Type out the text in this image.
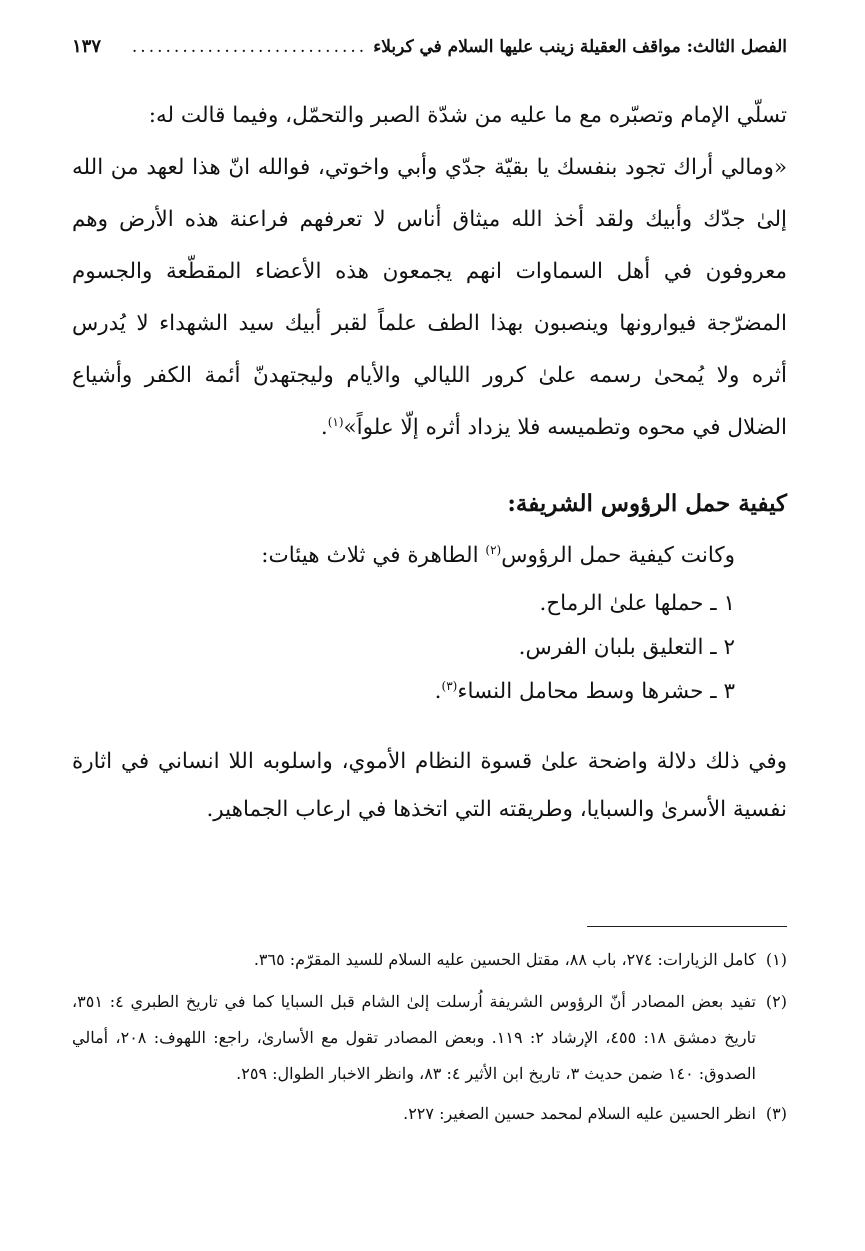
الفصل الثالث: مواقف العقيلة زينب عليها السلام في كربلاء
............................
١٣٧
تسلّي الإمام وتصبّره مع ما عليه من شدّة الصبر والتحمّل، وفيما قالت له:
«ومالي أراك تجود بنفسك يا بقيّة جدّي وأبي واخوتي، فوالله انّ هذا لعهد من الله إلىٰ جدّك وأبيك ولقد أخذ الله ميثاق أناس لا تعرفهم فراعنة هذه الأرض وهم معروفون في أهل السماوات انهم يجمعون هذه الأعضاء المقطّعة والجسوم المضرّجة فيوارونها وينصبون بهذا الطف علماً لقبر أبيك سيد الشهداء لا يُدرس أثره ولا يُمحىٰ رسمه علىٰ كرور الليالي والأيام وليجتهدنّ أئمة الكفر وأشياع الضلال في محوه وتطميسه فلا يزداد أثره إلّا علواً»$^{(١)}$.
كيفية حمل الرؤوس الشريفة:
وكانت كيفية حمل الرؤوس$^{(٢)}$ الطاهرة في ثلاث هيئات:
١ ـ حملها علىٰ الرماح.
٢ ـ التعليق بلبان الفرس.
٣ ـ حشرها وسط محامل النساء$^{(٣)}$.
وفي ذلك دلالة واضحة علىٰ قسوة النظام الأموي، واسلوبه اللا انساني في اثارة نفسية الأسرىٰ والسبايا، وطريقته التي اتخذها في ارعاب الجماهير.
(١)
كامل الزيارات: ٢٧٤، باب ٨٨، مقتل الحسين عليه السلام للسيد المقرّم: ٣٦٥.
(٢)
تفيد بعض المصادر أنّ الرؤوس الشريفة اُرسلت إلىٰ الشام قبل السبايا كما في تاريخ الطبري ٤: ٣٥١، تاريخ دمشق ١٨: ٤٥٥، الإرشاد ٢: ١١٩. وبعض المصادر تقول مع الأسارىٰ، راجع: اللهوف: ٢٠٨، أمالي الصدوق: ١٤٠ ضمن حديث ٣، تاريخ ابن الأثير ٤: ٨٣، وانظر الاخبار الطوال: ٢٥٩.
(٣)
انظر الحسين عليه السلام لمحمد حسين الصغير: ٢٢٧.
